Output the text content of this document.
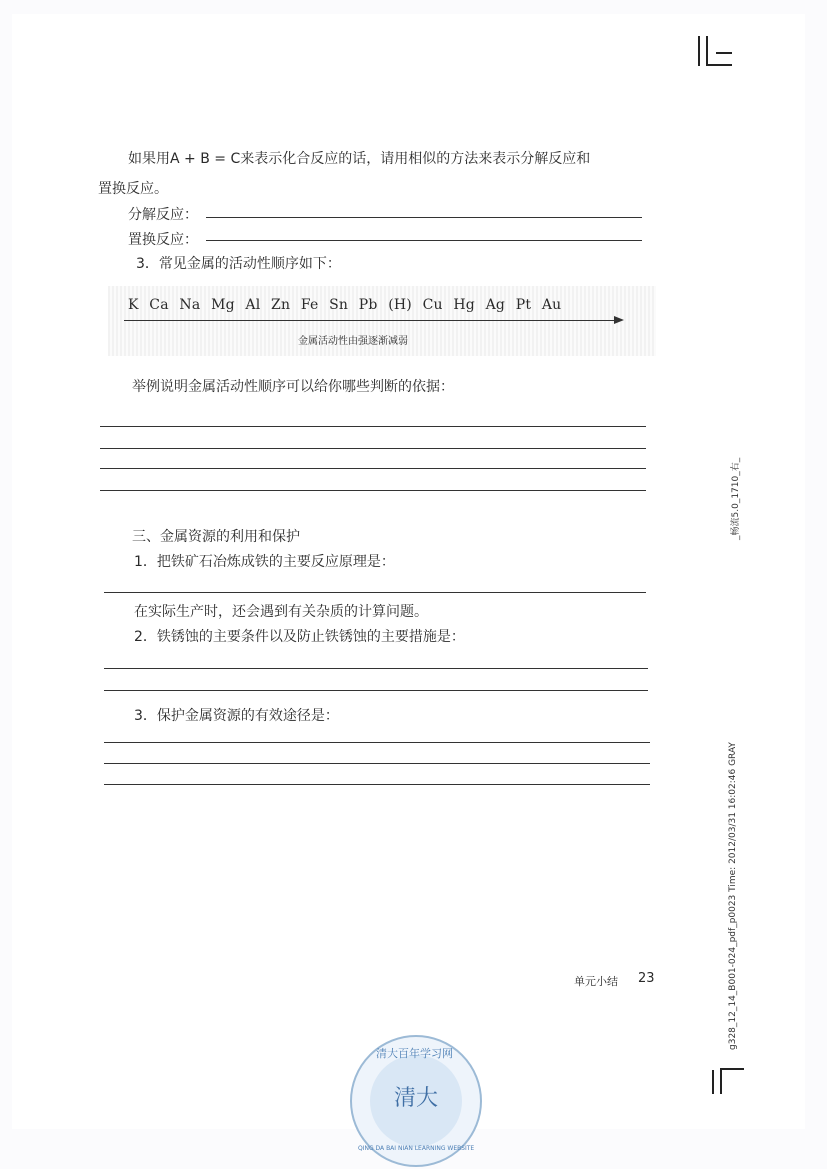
如果用A + B = C来表示化合反应的话，请用相似的方法来表示分解反应和
置换反应。
分解反应：
置换反应：
3．常见金属的活动性顺序如下：
K Ca Na Mg Al Zn Fe Sn Pb (H) Cu Hg Ag Pt Au
金属活动性由强逐渐减弱
举例说明金属活动性顺序可以给你哪些判断的依据：
三、金属资源的利用和保护
1．把铁矿石冶炼成铁的主要反应原理是：
在实际生产时，还会遇到有关杂质的计算问题。
2．铁锈蚀的主要条件以及防止铁锈蚀的主要措施是：
3．保护金属资源的有效途径是：
单元小结 23
_畅流5.0_1710_右_
g328_12_14_B001-024_pdf_p0023 Time: 2012/03/31 16:02:46 GRAY
清大百年学习网
清大
QING DA BAI NIAN LEARNING WEBSITE
